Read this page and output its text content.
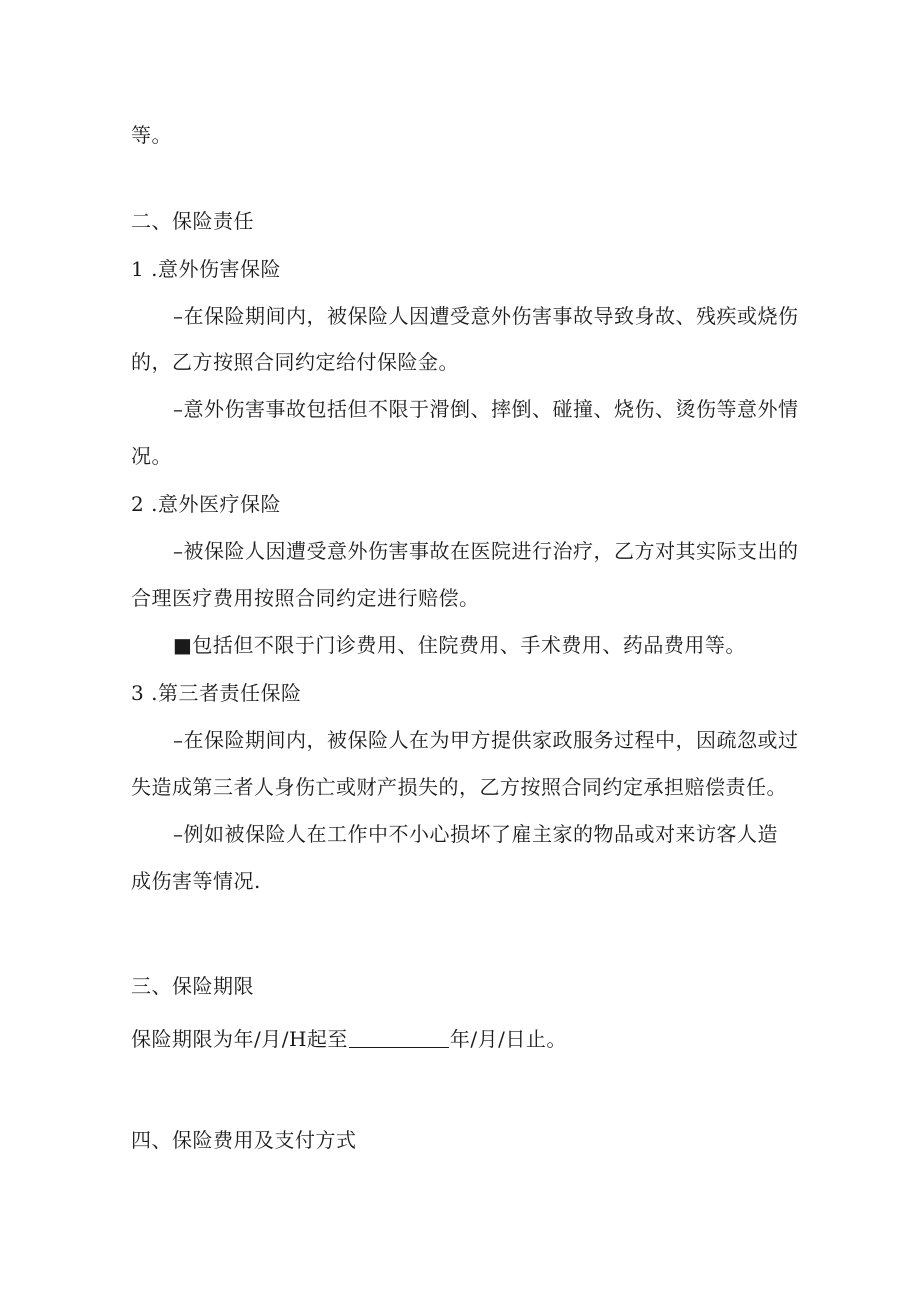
等。
二、保险责任
1 .意外伤害保险
–在保险期间内，被保险人因遭受意外伤害事故导致身故、残疾或烧伤
的，乙方按照合同约定给付保险金。
–意外伤害事故包括但不限于滑倒、摔倒、碰撞、烧伤、烫伤等意外情
况。
2 .意外医疗保险
–被保险人因遭受意外伤害事故在医院进行治疗，乙方对其实际支出的
合理医疗费用按照合同约定进行赔偿。
■包括但不限于门诊费用、住院费用、手术费用、药品费用等。
3 .第三者责任保险
–在保险期间内，被保险人在为甲方提供家政服务过程中，因疏忽或过
失造成第三者人身伤亡或财产损失的，乙方按照合同约定承担赔偿责任。
–例如被保险人在工作中不小心损坏了雇主家的物品或对来访客人造
成伤害等情况.
三、保险期限
保险期限为年/月/H起至	年/月/日止。
四、保险费用及支付方式
